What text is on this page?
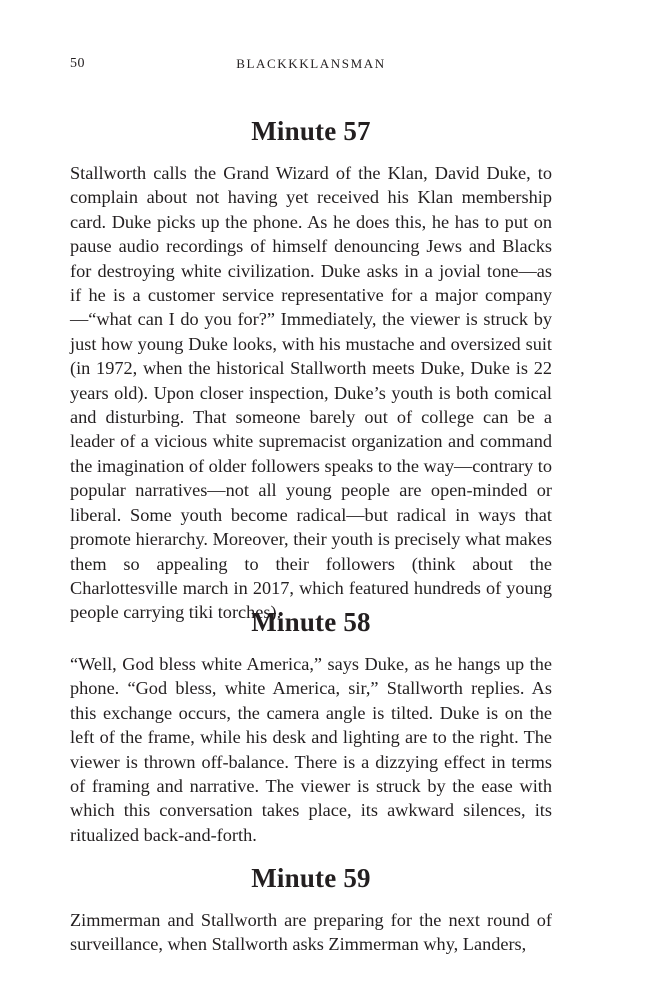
50	BLACKKKLANSMAN
Minute 57

Stallworth calls the Grand Wizard of the Klan, David Duke, to complain about not having yet received his Klan membership card. Duke picks up the phone. As he does this, he has to put on pause audio recordings of himself denouncing Jews and Blacks for destroying white civilization. Duke asks in a jovial tone—as if he is a customer service representative for a major company—“what can I do you for?” Immediately, the viewer is struck by just how young Duke looks, with his mustache and oversized suit (in 1972, when the historical Stallworth meets Duke, Duke is 22 years old). Upon closer inspection, Duke’s youth is both comical and disturbing. That someone barely out of college can be a leader of a vicious white supremacist organization and command the imagination of older followers speaks to the way—contrary to popular narratives—not all young people are open-minded or liberal. Some youth become radical—but radical in ways that promote hierarchy. Moreover, their youth is precisely what makes them so appealing to their followers (think about the Charlottesville march in 2017, which featured hundreds of young people carrying tiki torches).

Minute 58

“Well, God bless white America,” says Duke, as he hangs up the phone. “God bless, white America, sir,” Stallworth replies. As this exchange occurs, the camera angle is tilted. Duke is on the left of the frame, while his desk and lighting are to the right. The viewer is thrown off-balance. There is a dizzying effect in terms of framing and narrative. The viewer is struck by the ease with which this conversation takes place, its awkward silences, its ritualized back-and-forth.

Minute 59

Zimmerman and Stallworth are preparing for the next round of surveillance, when Stallworth asks Zimmerman why, Landers,
